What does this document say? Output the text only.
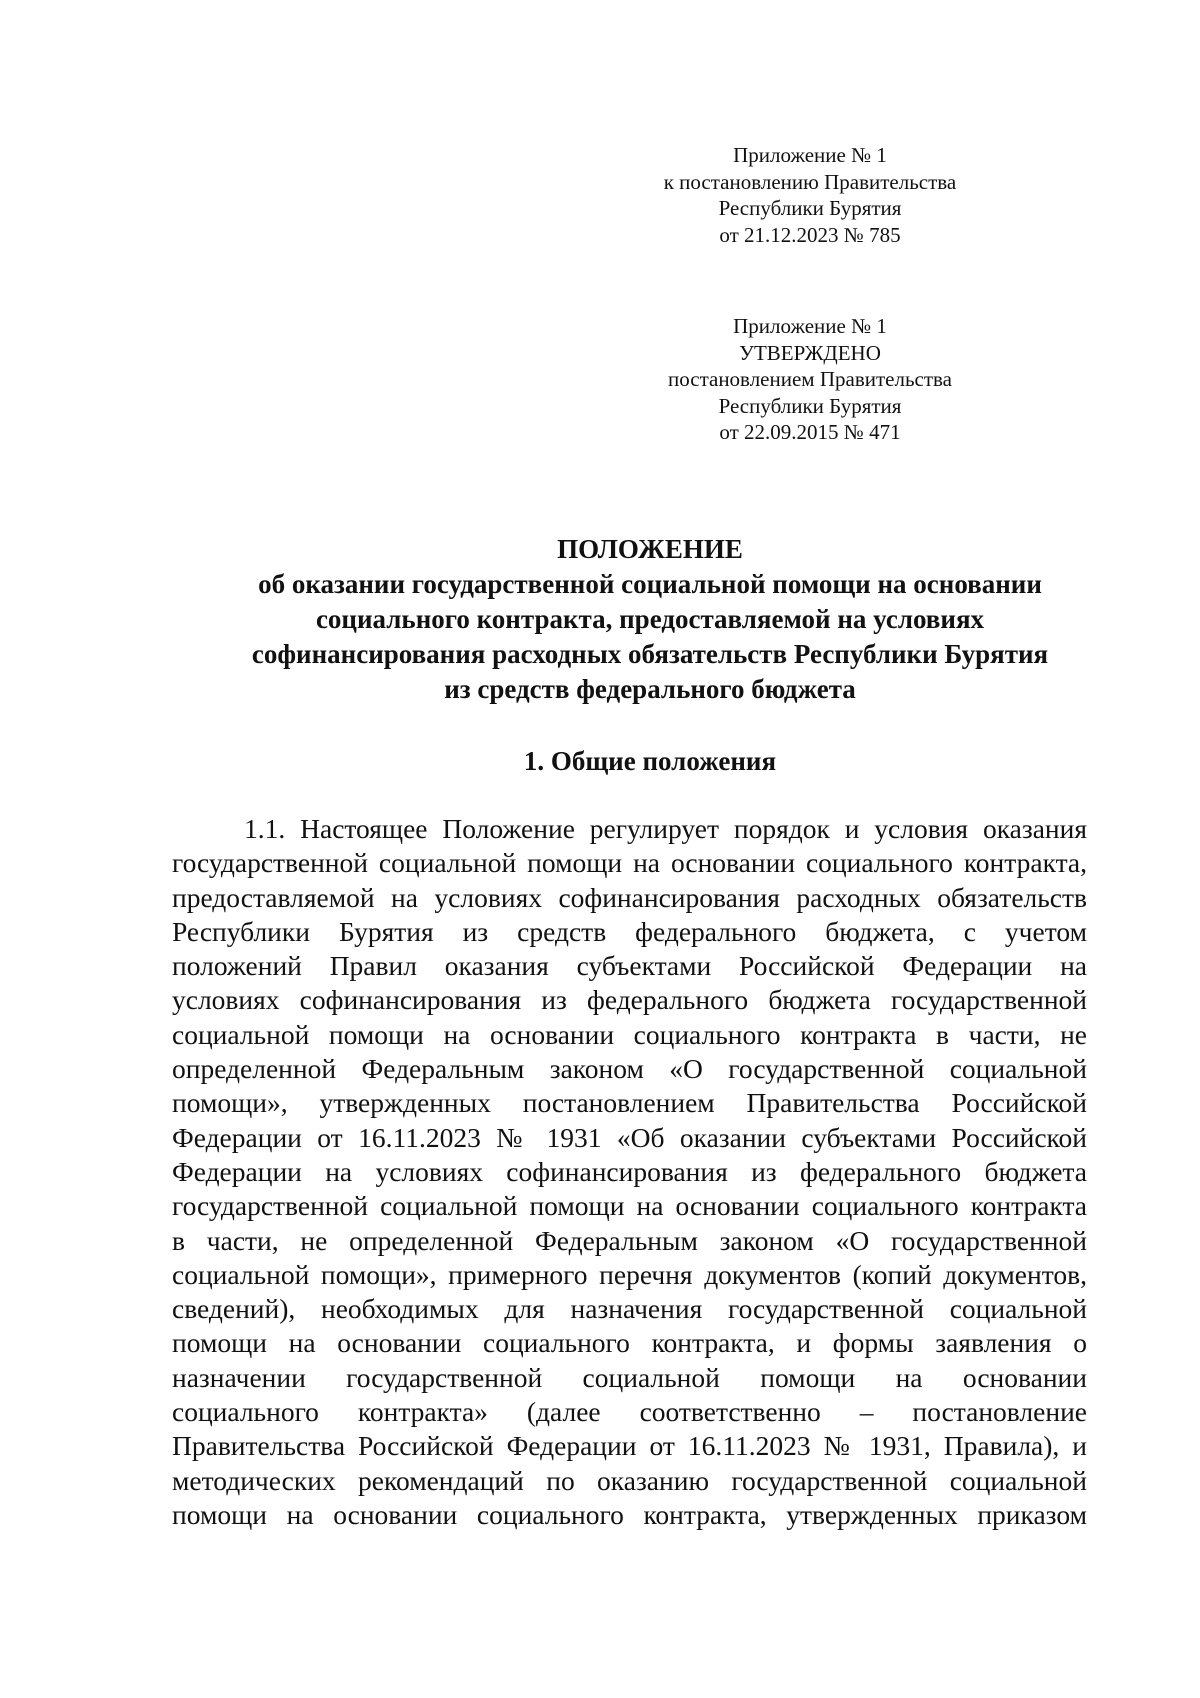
Приложение № 1
к постановлению Правительства
Республики Бурятия
от 21.12.2023 № 785
Приложение № 1
УТВЕРЖДЕНО
постановлением Правительства
Республики Бурятия
от 22.09.2015 № 471
ПОЛОЖЕНИЕ
об оказании государственной социальной помощи на основании
социального контракта, предоставляемой на условиях
софинансирования расходных обязательств Республики Бурятия
из средств федерального бюджета
1. Общие положения
1.1. Настоящее Положение регулирует порядок и условия оказания
государственной социальной помощи на основании социального контракта,
предоставляемой на условиях софинансирования расходных обязательств
Республики Бурятия из средств федерального бюджета, с учетом
положений Правил оказания субъектами Российской Федерации на
условиях софинансирования из федерального бюджета государственной
социальной помощи на основании социального контракта в части, не
определенной Федеральным законом «О государственной социальной
помощи», утвержденных постановлением Правительства Российской
Федерации от 16.11.2023 № 1931 «Об оказании субъектами Российской
Федерации на условиях софинансирования из федерального бюджета
государственной социальной помощи на основании социального контракта
в части, не определенной Федеральным законом «О государственной
социальной помощи», примерного перечня документов (копий документов,
сведений), необходимых для назначения государственной социальной
помощи на основании социального контракта, и формы заявления о
назначении государственной социальной помощи на основании
социального контракта» (далее соответственно – постановление
Правительства Российской Федерации от 16.11.2023 № 1931, Правила), и
методических рекомендаций по оказанию государственной социальной
помощи на основании социального контракта, утвержденных приказом
